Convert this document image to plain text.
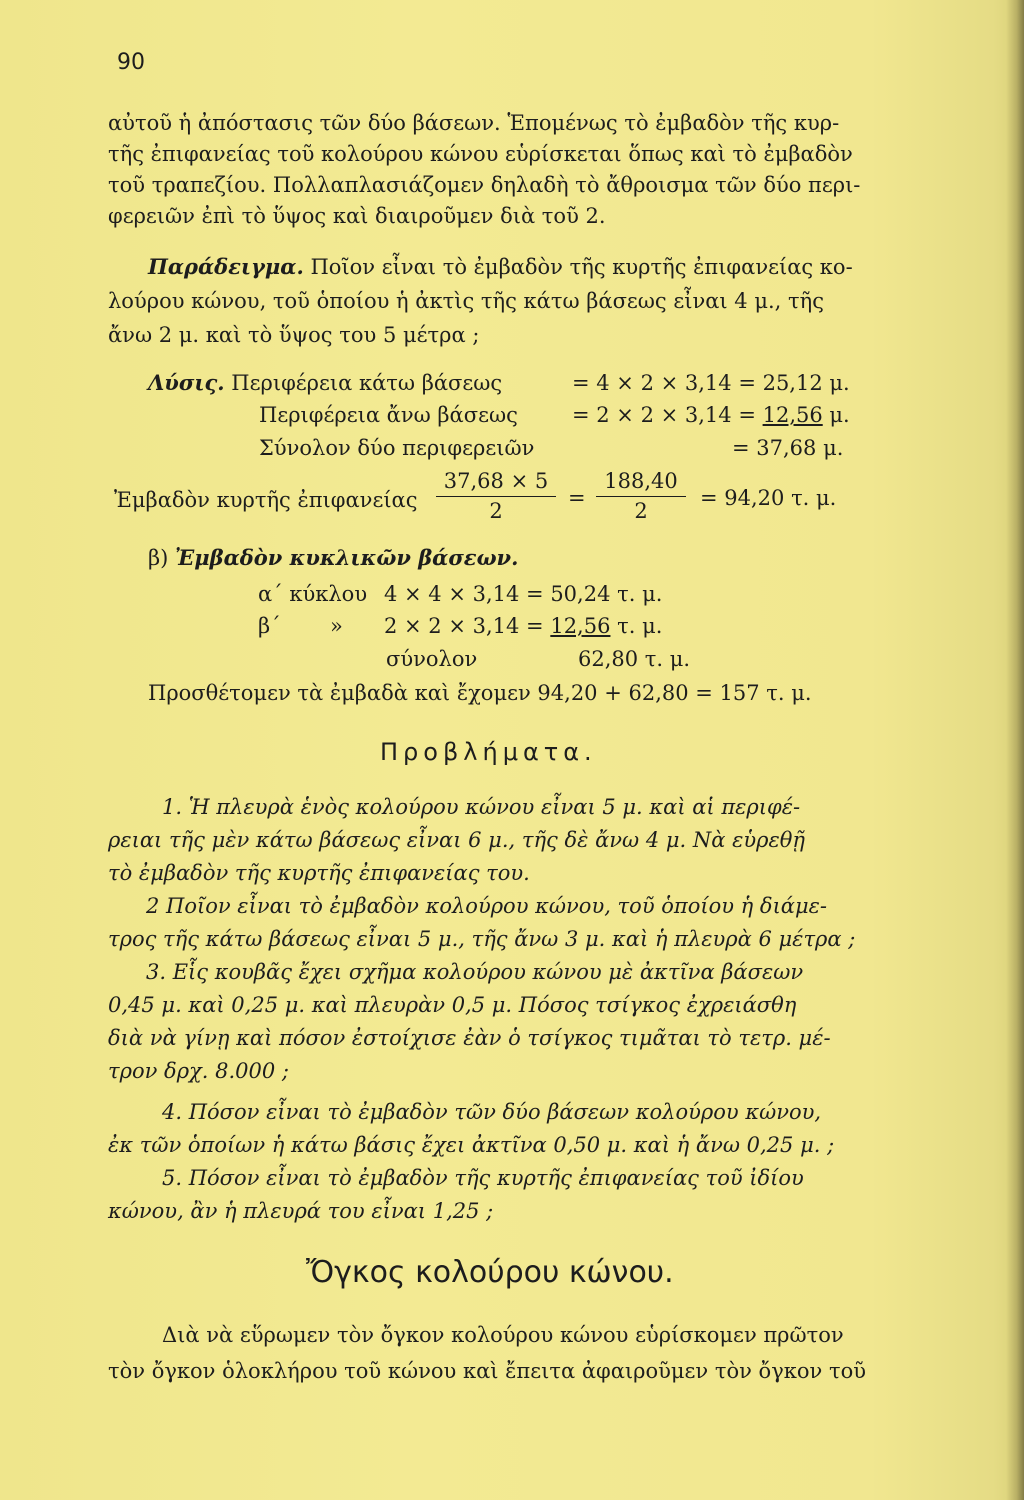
90
αὐτοῦ ἡ ἀπόστασις τῶν δύο βάσεων. Ἑπομένως τὸ ἐμβαδὸν τῆς κυρ-
τῆς ἐπιφανείας τοῦ κολούρου κώνου εὑρίσκεται ὅπως καὶ τὸ ἐμβαδὸν
τοῦ τραπεζίου. Πολλαπλασιάζομεν δηλαδὴ τὸ ἄθροισμα τῶν δύο περι-
φερειῶν ἐπὶ τὸ ὕψος καὶ διαιροῦμεν διὰ τοῦ 2.
Παράδειγμα. Ποῖον εἶναι τὸ ἐμβαδὸν τῆς κυρτῆς ἐπιφανείας κο-
λούρου κώνου, τοῦ ὁποίου ἡ ἀκτὶς τῆς κάτω βάσεως εἶναι 4 μ., τῆς
ἄνω 2 μ. καὶ τὸ ὕψος του 5 μέτρα ;
Λύσις. Περιφέρεια κάτω βάσεως	= 4 × 2 × 3,14 = 25,12 μ.
Περιφέρεια ἄνω βάσεως	= 2 × 2 × 3,14 = 12,56 μ.
Σύνολον δύο περιφερειῶν	= 37,68 μ.
Ἐμβαδὸν κυρτῆς ἐπιφανείας $\frac{37,68 \times 5}{2} = \frac{188,40}{2} = 94,20$ τ. μ.
β) Ἐμβαδὸν κυκλικῶν βάσεων.
α΄ κύκλου 4 × 4 × 3,14 = 50,24 τ. μ.
β΄ » 2 × 2 × 3,14 = 12,56 τ. μ.
σύνολον	62,80 τ. μ.
Προσθέτομεν τὰ ἐμβαδὰ καὶ ἔχομεν 94,20 + 62,80 = 157 τ. μ.
Προβλήματα.
1. Ἡ πλευρὰ ἑνὸς κολούρου κώνου εἶναι 5 μ. καὶ αἱ περιφέ-
ρειαι τῆς μὲν κάτω βάσεως εἶναι 6 μ., τῆς δὲ ἄνω 4 μ. Νὰ εὑρεθῇ
τὸ ἐμβαδὸν τῆς κυρτῆς ἐπιφανείας του.
2 Ποῖον εἶναι τὸ ἐμβαδὸν κολούρου κώνου, τοῦ ὁποίου ἡ διάμε-
τρος τῆς κάτω βάσεως εἶναι 5 μ., τῆς ἄνω 3 μ. καὶ ἡ πλευρὰ 6 μέτρα ;
3. Εἷς κουβᾶς ἔχει σχῆμα κολούρου κώνου μὲ ἀκτῖνα βάσεων
0,45 μ. καὶ 0,25 μ. καὶ πλευρὰν 0,5 μ. Πόσος τσίγκος ἐχρειάσθη
διὰ νὰ γίνῃ καὶ πόσον ἐστοίχισε ἐὰν ὁ τσίγκος τιμᾶται τὸ τετρ. μέ-
τρον δρχ. 8.000 ;
4. Πόσον εἶναι τὸ ἐμβαδὸν τῶν δύο βάσεων κολούρου κώνου,
ἐκ τῶν ὁποίων ἡ κάτω βάσις ἔχει ἀκτῖνα 0,50 μ. καὶ ἡ ἄνω 0,25 μ. ;
5. Πόσον εἶναι τὸ ἐμβαδὸν τῆς κυρτῆς ἐπιφανείας τοῦ ἰδίου
κώνου, ἂν ἡ πλευρά του εἶναι 1,25 ;
Ὄγκος κολούρου κώνου.
Διὰ νὰ εὕρωμεν τὸν ὄγκον κολούρου κώνου εὑρίσκομεν πρῶτον
τὸν ὄγκον ὁλοκλήρου τοῦ κώνου καὶ ἔπειτα ἀφαιροῦμεν τὸν ὄγκον τοῦ
